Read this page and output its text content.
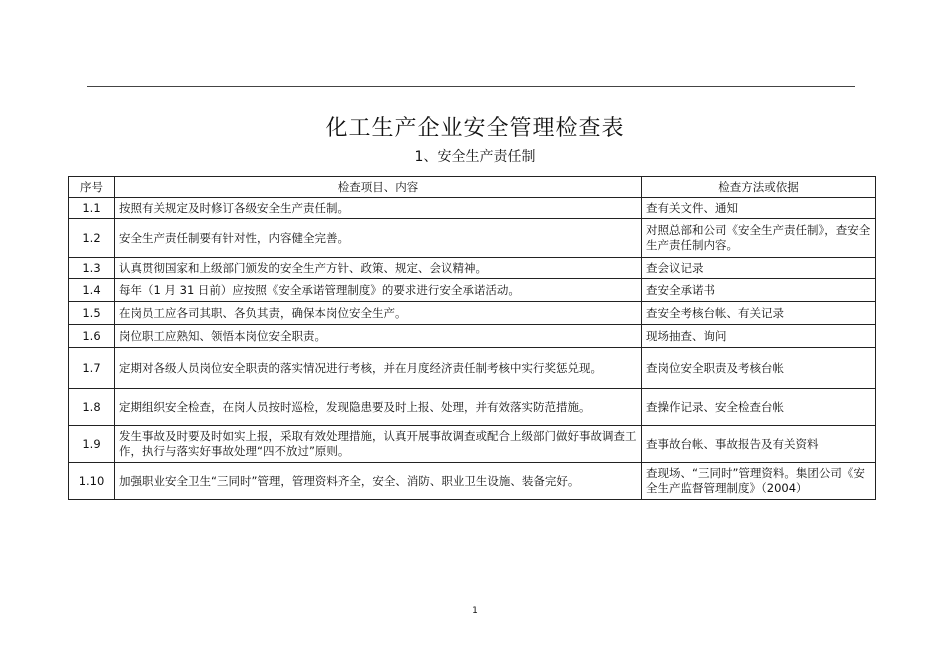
化工生产企业安全管理检查表
1、安全生产责任制
序号	检查项目、内容	检查方法或依据
1.1	按照有关规定及时修订各级安全生产责任制。	查有关文件、通知
1.2	安全生产责任制要有针对性，内容健全完善。	对照总部和公司《安全生产责任制》，查安全生产责任制内容。
1.3	认真贯彻国家和上级部门颁发的安全生产方针、政策、规定、会议精神。	查会议记录
1.4	每年（1 月 31 日前）应按照《安全承诺管理制度》的要求进行安全承诺活动。	查安全承诺书
1.5	在岗员工应各司其职、各负其责，确保本岗位安全生产。	查安全考核台帐、有关记录
1.6	岗位职工应熟知、领悟本岗位安全职责。	现场抽查、询问
1.7	定期对各级人员岗位安全职责的落实情况进行考核，并在月度经济责任制考核中实行奖惩兑现。	查岗位安全职责及考核台帐
1.8	定期组织安全检查，在岗人员按时巡检，发现隐患要及时上报、处理，并有效落实防范措施。	查操作记录、安全检查台帐
1.9	发生事故及时要及时如实上报，采取有效处理措施，认真开展事故调查或配合上级部门做好事故调查工作，执行与落实好事故处理“四不放过”原则。	查事故台帐、事故报告及有关资料
1.10	加强职业安全卫生“三同时”管理，管理资料齐全，安全、消防、职业卫生设施、装备完好。	查现场、“三同时”管理资料。集团公司《安全生产监督管理制度》（2004）
1
